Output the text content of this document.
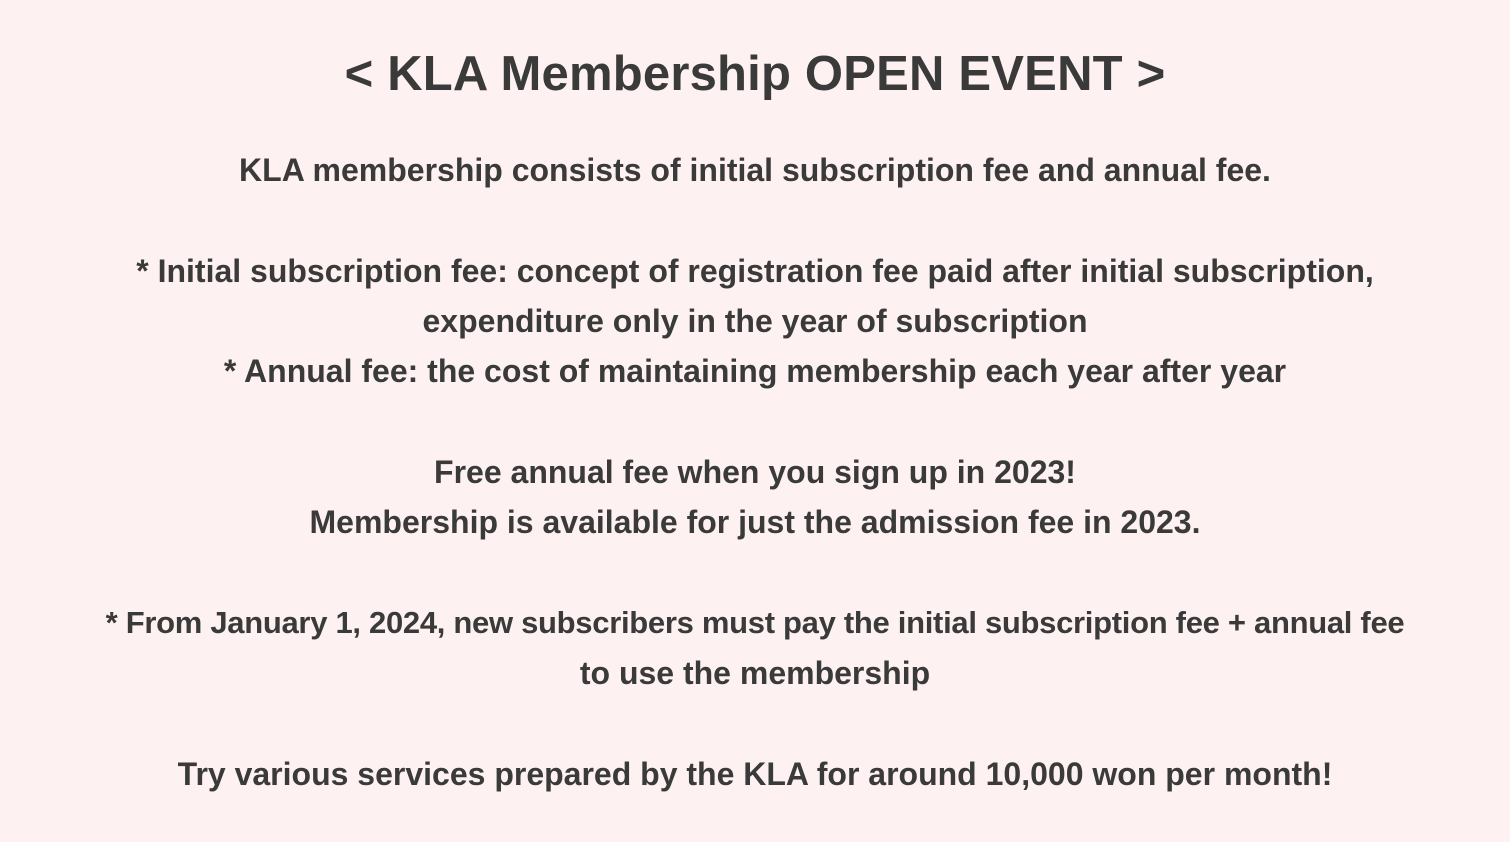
< KLA Membership OPEN EVENT >
KLA membership consists of initial subscription fee and annual fee.
* Initial subscription fee: concept of registration fee paid after initial subscription,
expenditure only in the year of subscription
* Annual fee: the cost of maintaining membership each year after year
Free annual fee when you sign up in 2023!
Membership is available for just the admission fee in 2023.
* From January 1, 2024, new subscribers must pay the initial subscription fee + annual fee
to use the membership
Try various services prepared by the KLA for around 10,000 won per month!
